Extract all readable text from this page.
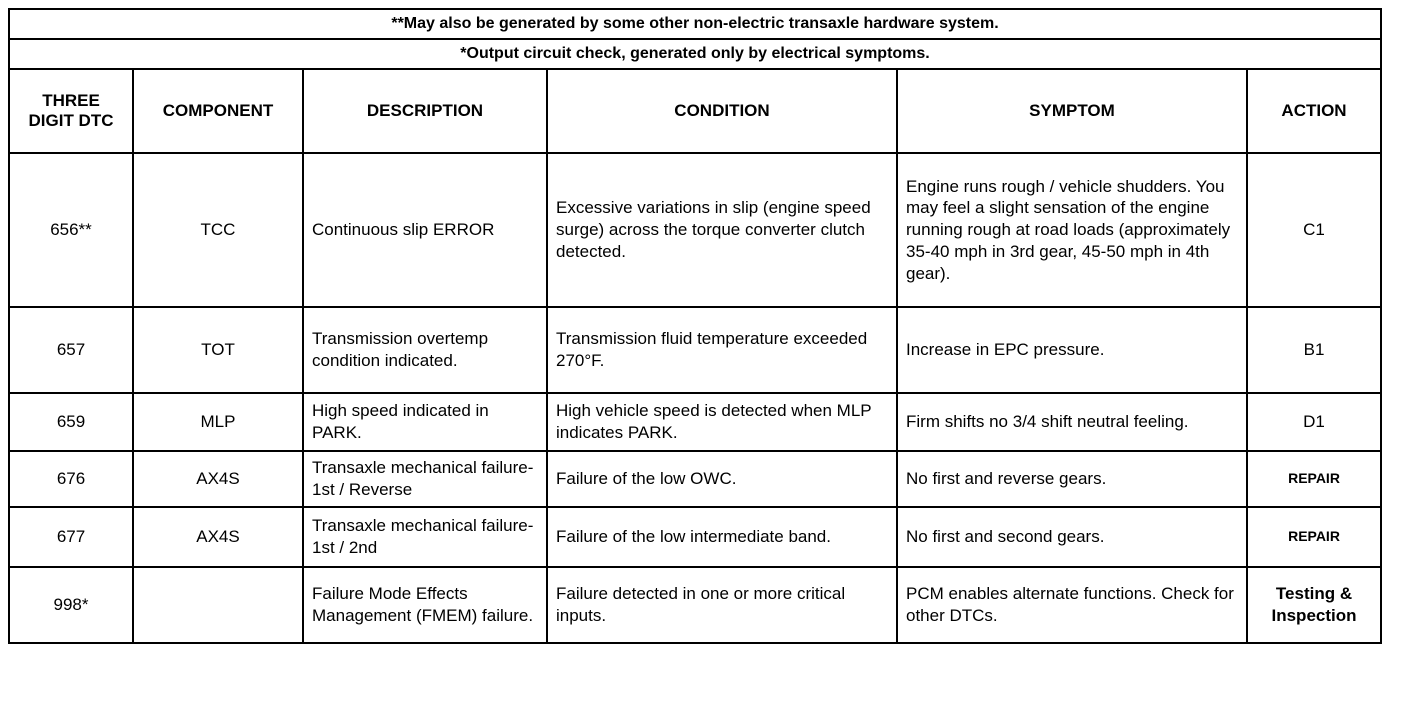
**May also be generated by some other non-electric transaxle hardware system.					
*Output circuit check, generated only by electrical symptoms.					
THREE DIGIT DTC	COMPONENT	DESCRIPTION	CONDITION	SYMPTOM	ACTION
656**	TCC	Continuous slip ERROR	Excessive variations in slip (engine speed surge) across the torque converter clutch detected.	Engine runs rough / vehicle shudders. You may feel a slight sensation of the engine running rough at road loads (approximately 35-40 mph in 3rd gear, 45-50 mph in 4th gear).	C1
657	TOT	Transmission overtemp condition indicated.	Transmission fluid temperature exceeded 270°F.	Increase in EPC pressure.	B1
659	MLP	High speed indicated in PARK.	High vehicle speed is detected when MLP indicates PARK.	Firm shifts no 3/4 shift neutral feeling.	D1
676	AX4S	Transaxle mechanical failure-1st / Reverse	Failure of the low OWC.	No first and reverse gears.	REPAIR
677	AX4S	Transaxle mechanical failure-1st / 2nd	Failure of the low intermediate band.	No first and second gears.	REPAIR
998*		Failure Mode Effects Management (FMEM) failure.	Failure detected in one or more critical inputs.	PCM enables alternate functions. Check for other DTCs.	Testing & Inspection
